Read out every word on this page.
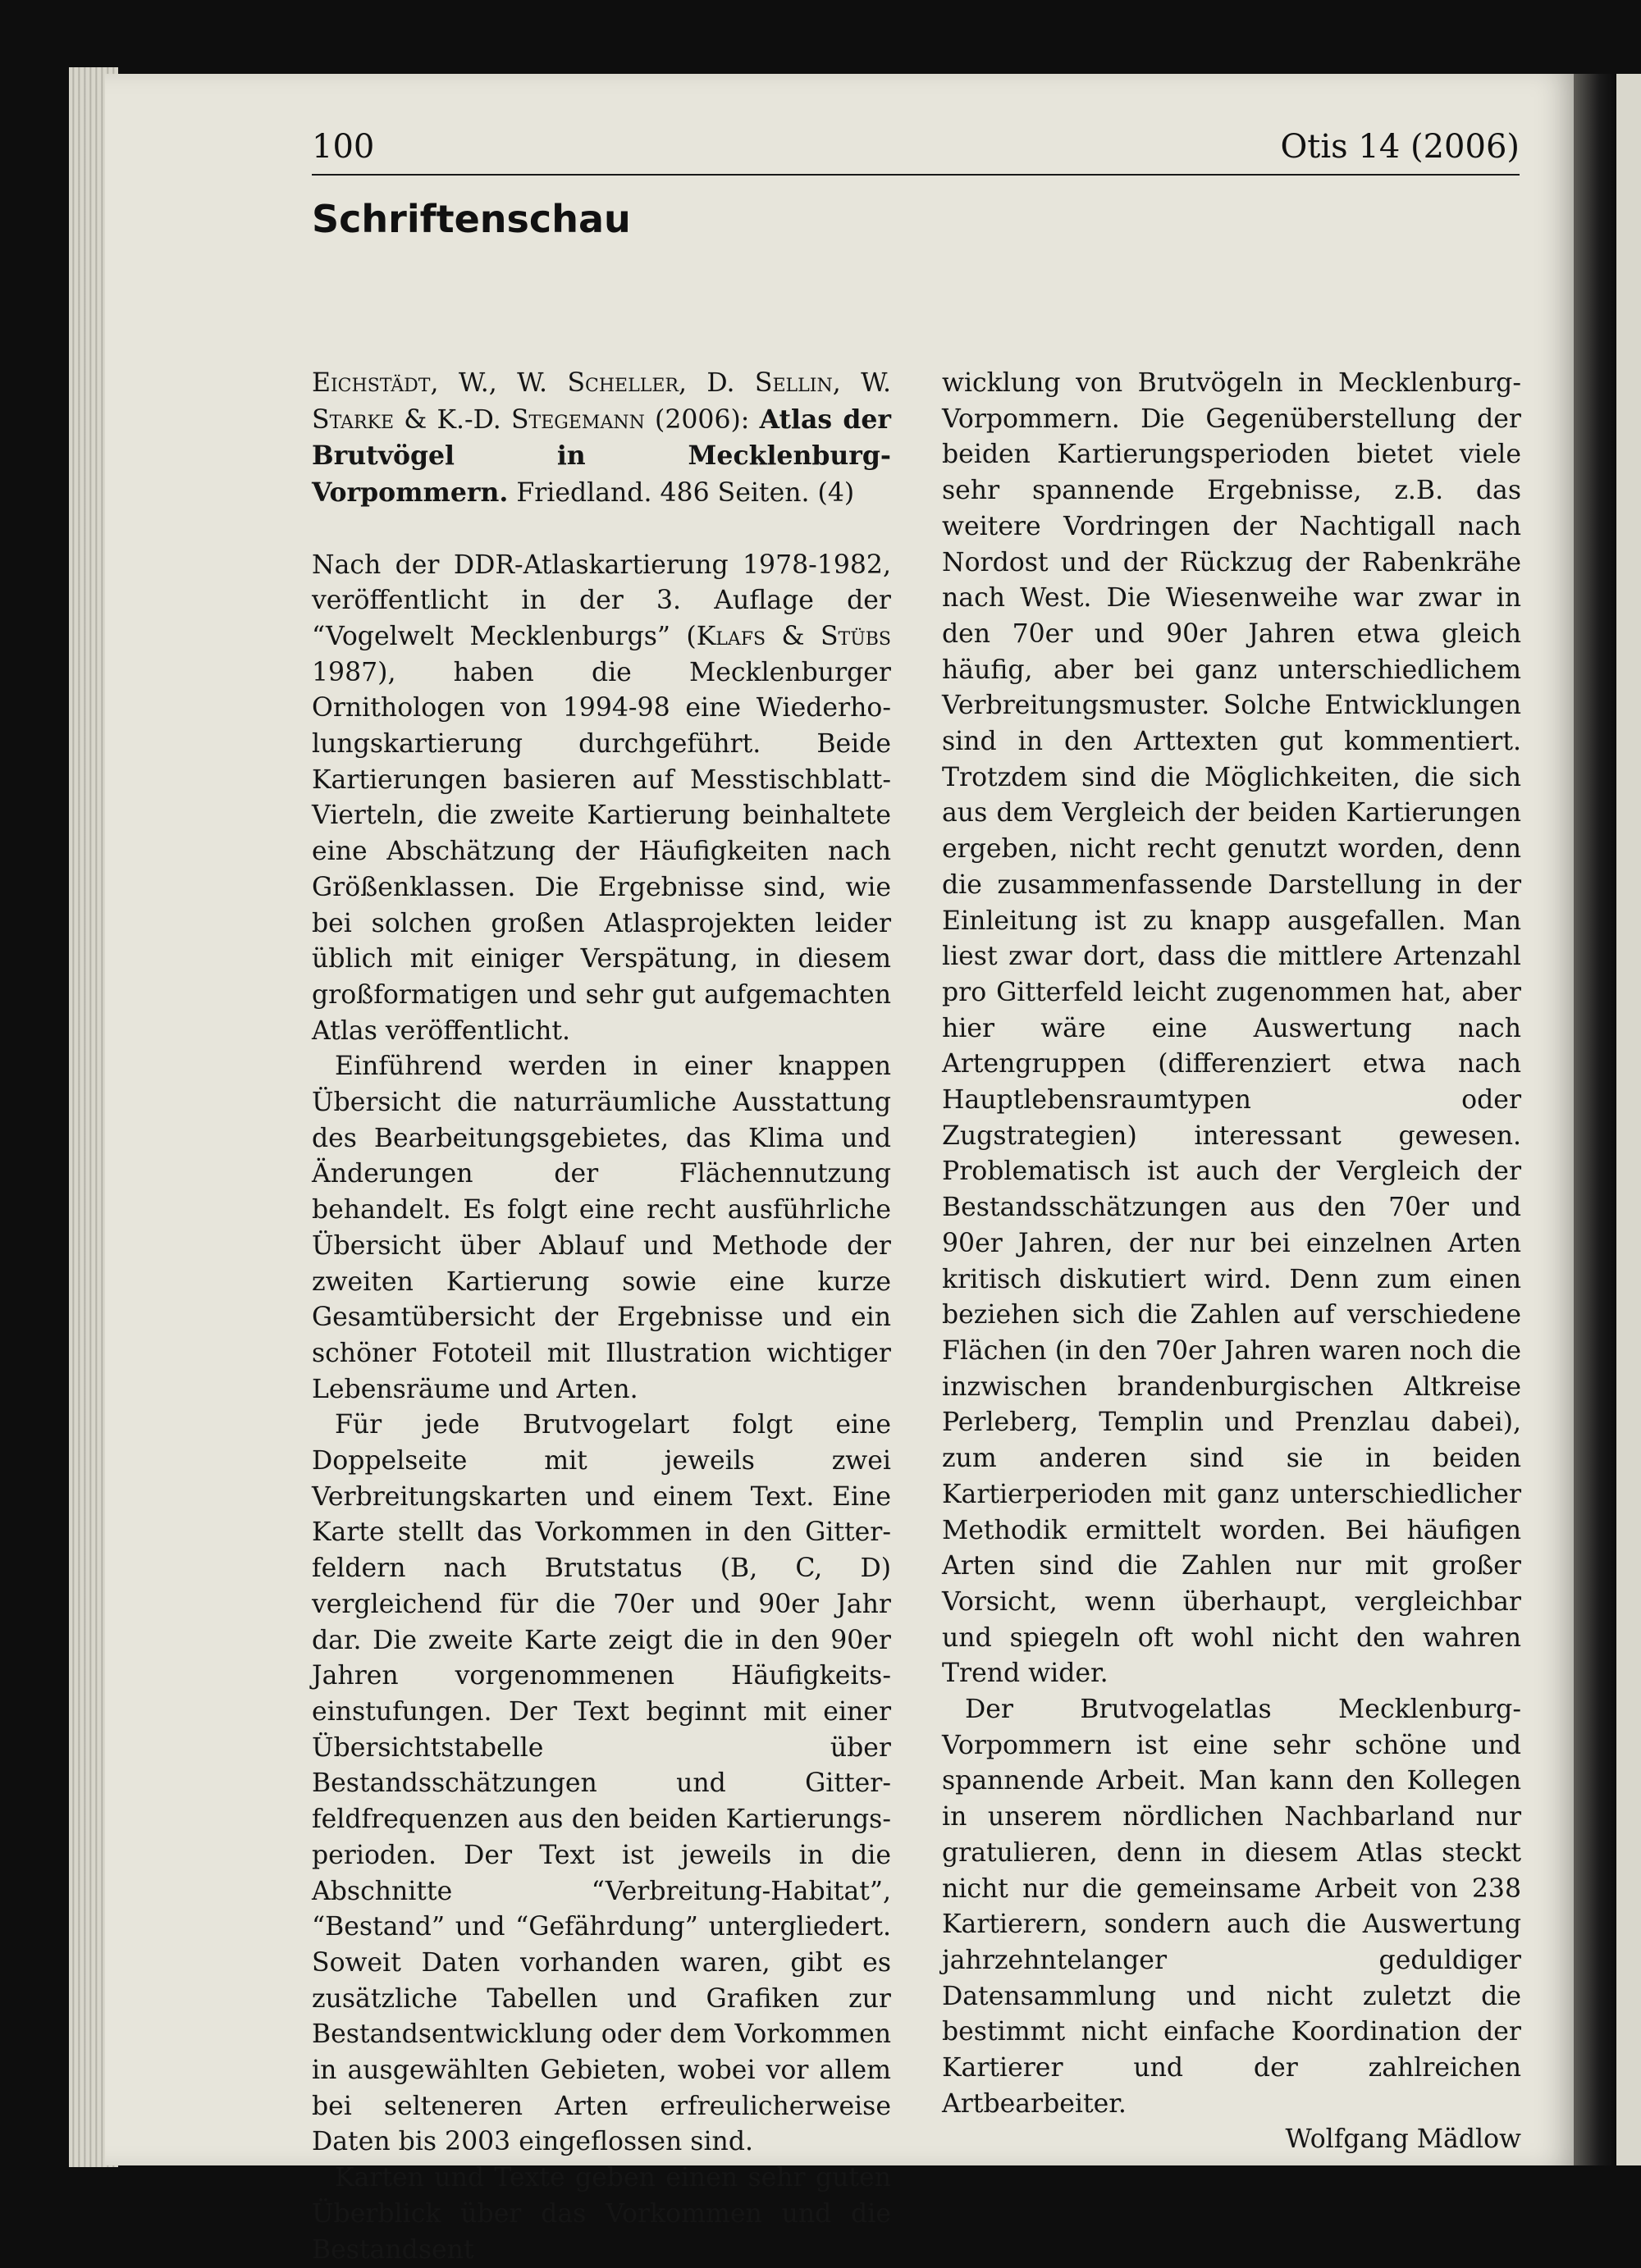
100	Otis 14 (2006)
Schriftenschau

Eichstädt, W., W. Scheller, D. Sellin, W. Starke & K.-D. Stegemann (2006): Atlas der Brutvögel in Mecklenburg-Vorpommern. Friedland. 486 Seiten. (4)

Nach der DDR-Atlaskartierung 1978-1982, veröffentlicht in der 3. Auflage der “Vogelwelt Mecklenburgs” (Klafs & Stübs 1987), haben die Mecklenburger Ornithologen von 1994-98 eine Wiederholungskartierung durchgeführt. Beide Kartierungen basieren auf Messtischblatt-Vierteln, die zweite Kartierung beinhaltete eine Abschätzung der Häufigkeiten nach Größenklassen. Die Ergebnisse sind, wie bei solchen großen Atlasprojekten leider üblich mit einiger Verspätung, in diesem großformatigen und sehr gut aufgemachten Atlas veröffentlicht.

Einführend werden in einer knappen Übersicht die naturräumliche Ausstattung des Bearbeitungsgebietes, das Klima und Änderungen der Flächennutzung behandelt. Es folgt eine recht ausführliche Übersicht über Ablauf und Methode der zweiten Kartierung sowie eine kurze Gesamtübersicht der Ergebnisse und ein schöner Fototeil mit Illustration wichtiger Lebensräume und Arten.

Für jede Brutvogelart folgt eine Doppelseite mit jeweils zwei Verbreitungskarten und einem Text. Eine Karte stellt das Vorkommen in den Gitterfeldern nach Brutstatus (B, C, D) vergleichend für die 70er und 90er Jahr dar. Die zweite Karte zeigt die in den 90er Jahren vorgenommenen Häufigkeitseinstufungen. Der Text beginnt mit einer Übersichtstabelle über Bestandsschätzungen und Gitterfeldfrequenzen aus den beiden Kartierungsperioden. Der Text ist jeweils in die Abschnitte “Verbreitung-Habitat”, “Bestand” und “Gefährdung” untergliedert. Soweit Daten vorhanden waren, gibt es zusätzliche Tabellen und Grafiken zur Bestandsentwicklung oder dem Vorkommen in ausgewählten Gebieten, wobei vor allem bei selteneren Arten erfreulicherweise Daten bis 2003 eingeflossen sind.

Karten und Texte geben einen sehr guten Überblick über das Vorkommen und die Bestandsent

wicklung von Brutvögeln in Mecklenburg-Vorpommern. Die Gegenüberstellung der beiden Kartierungsperioden bietet viele sehr spannende Ergebnisse, z.B. das weitere Vordringen der Nachtigall nach Nordost und der Rückzug der Rabenkrähe nach West. Die Wiesenweihe war zwar in den 70er und 90er Jahren etwa gleich häufig, aber bei ganz unterschiedlichem Verbreitungsmuster. Solche Entwicklungen sind in den Arttexten gut kommentiert. Trotzdem sind die Möglichkeiten, die sich aus dem Vergleich der beiden Kartierungen ergeben, nicht recht genutzt worden, denn die zusammenfassende Darstellung in der Einleitung ist zu knapp ausgefallen. Man liest zwar dort, dass die mittlere Artenzahl pro Gitterfeld leicht zugenommen hat, aber hier wäre eine Auswertung nach Artengruppen (differenziert etwa nach Hauptlebensraumtypen oder Zugstrategien) interessant gewesen. Problematisch ist auch der Vergleich der Bestandsschätzungen aus den 70er und 90er Jahren, der nur bei einzelnen Arten kritisch diskutiert wird. Denn zum einen beziehen sich die Zahlen auf verschiedene Flächen (in den 70er Jahren waren noch die inzwischen brandenburgischen Altkreise Perleberg, Templin und Prenzlau dabei), zum anderen sind sie in beiden Kartierperioden mit ganz unterschiedlicher Methodik ermittelt worden. Bei häufigen Arten sind die Zahlen nur mit großer Vorsicht, wenn überhaupt, vergleichbar und spiegeln oft wohl nicht den wahren Trend wider.

Der Brutvogelatlas Mecklenburg-Vorpommern ist eine sehr schöne und spannende Arbeit. Man kann den Kollegen in unserem nördlichen Nachbarland nur gratulieren, denn in diesem Atlas steckt nicht nur die gemeinsame Arbeit von 238 Kartierern, sondern auch die Auswertung jahrzehntelanger geduldiger Datensammlung und nicht zuletzt die bestimmt nicht einfache Koordination der Kartierer und der zahlreichen Artbearbeiter.

Wolfgang Mädlow
